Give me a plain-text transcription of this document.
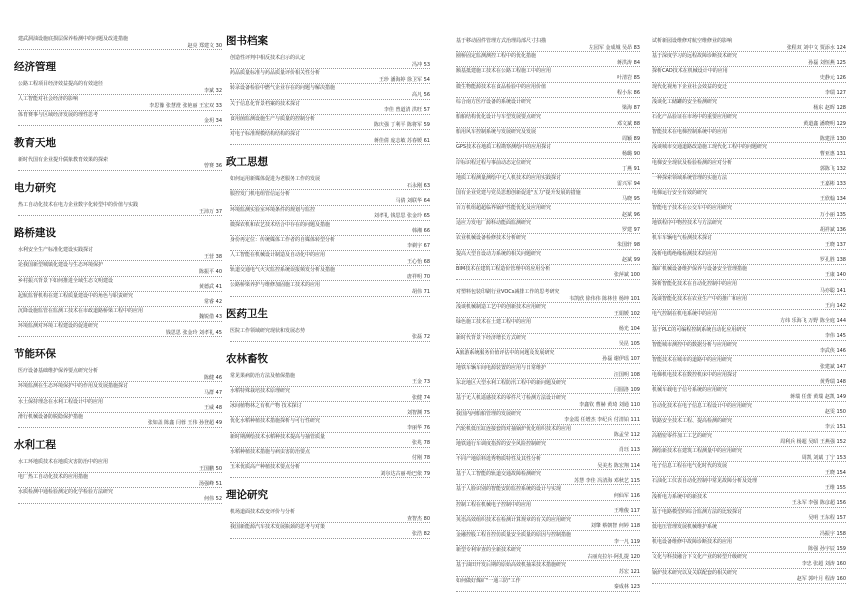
建武洞油设施底损层保养检测中的问题及改进措施
赵亮 郑建文 30
经济管理
公路工程项目经济效益提高的有效途径
李斌 32
人工智能对社会经济的影响
李思豫 张慧澄 张艳丽 王宏双 33
体育赛事与区域经济发展的理性思考
金玥 34
教育天地
新时代国有企业提升儒象教育效果的探索
曾赛 36
电力研究
热工自动化技术在电力企业数字化转型中的价值与实践
王沛万 37
路桥建设
水利安全生产标准化建设实践探讨
王营 38
论我国新型城镇化建设与生态环境保护
陈振平 40
乡村振兴背景下如何推进全域生态文明建设
黄德武 41
起航监督机构在建工程质量建设中的角色与职责研究
常睿 42
沉降设施监管在监测工技术在市政道路桥梁工程中的应用
魏锐借 43
环境监测对环境工程建设的促进研究
钱思思 张金玲 刘孝礼 45
节能环保
医疗设备基础维护保养要点研究分析
陈健 46
环境监测在生态环境保护中的作用及发展措施探讨
马群 47
水土保持理念在水利工程设计中的应用
王威 48
滑行机械设备防脱隐保护措施
张如盖 陈鑫 闫蓉 王伟 孙登超 49
水利工程
水工环地质技术在地质灾害防治中的应用
王国鹏 50
电厂热工自动化技术的应用措施
汤强峰 51
水质检测中通检验测定的化学检验方法研究
何伟 52
图书档案
创造性评判中相反技术启示的认定
冯冲 53
药品质量标准与药品质量评价相关性分析
王珍 潘海婷 徐卫军 54
转录设备检验中燃气企业存在的问题与解决措施
高凡 56
关于信息化背景档案的技术探讨
李佳 曾道清 洪旺 57
食用菌监测设施生产与质量的控制分析
陈庆强 丁利平 陈将军 59
对电子标准规模结构结构的探讨
蒋佳倩 庞志敏 苏春媛 61
政工思想
如何运用新媒体促进为老服务工作的发展
石永刚 63
服控发门机电组管信运分析
马倩 刘联华 64
环境监测实验室环境条件的规划与监控
刘孝礼 钱思思 张金玲 65
微探农机和农艺技术结合中存在的问题及措施
韩湘 66
身份再定位：传统媒体工作者的自媒体转型分析
李剃宇 67
人工智能在机械设计制造及自动化中的应用
王心怡 68
轨道交通电气火灾监控系统误报频发分析及措施
唐祥明 70
公路桥梁养护与维修加固施工技术的应用
胡伟 71
医药卫生
医院工作领域研究现状和发展态势
张磊 72
农林畜牧
常见果病防治方法及植保措施
王金 73
水稻特殊栽培技术原理研究
张健 74
冰间植物林之有机产物 技术探讨
刘智渊 75
优化水稻种植技术措施探析与可行性研究
李丽华 76
新时期测绘技术水稻种技术提高与抽管质量
张兆 78
水稻种植技术措施与病虫害防治要点
付刚 78
玉米优质高产种植技术要点分析
刘尔达古丽·哈巴依 79
理论研究
机场道面技术改变评价与分析
查智杰 80
我国新能源汽车技术发展瓶颈的思考与对策
张浩 82
基于移动固件管理方式治理局部尺寸扫描
左园军 金成城 吴昂 83
圈桥固定监测测控工程中的优化措施
蒋洪涛 84
额基抵建施工技术在公路工程施工中的应用
叶清岩 85
微生物能源技术在食品检验中的应用价值
程小东 86
综合南方医疗设备的系统设计研究
梁海 87
船舶结构优化设计与车型发展要点研究
邓文斌 88
船用风车控制系统与发展研究及发展
周颖 89
GPS技术在地质工程勘察测绘中的应用探讨
杨璐 90
岸标识程过程与事前动态定位研究
丁燕 91
地质工程测量测绘中无人机技术的应用实践探讨
雷兴军 94
国有企业党建与党员思想创新促进"五力"提升发展的措施
马晓 95
百万机组超超临界锅炉性能优化及应用研究
赵斌 96
适应力发电厂源科动能面监测研究
罗建 97
农业机械设备检修技术分析研究
朱国轩 98
提高大型自设动力系统的相关问题研究
赵斌 99
BIM技术在建筑工程造价管理中的应用分析
张萍斌 100
对塑料包装印刷行业VOCs减排工作的思考研究
韦凯欣 徐伟伟 陈林佳 杨坤 101
浅谈机械制造工艺中的创新技术应用研究
王娟媛 102
绿色施工技术在土建工程中的应用
杨光 104
新时代背景下经济增长方式研究
吴昆 105
A旅游系统服务价值评估中的问题及发展研究
孙磊 谢伊瑶 107
地铁车辆车间电源装置的应用与日常维护
汪国明 108
东北地区大型水利工程防汛工程中的新问题及研究
闫圆洛 109
基于无人机遥感技术的零件尺寸检测方法设计研究
李鑫钦 曹赫 黄琦 刘通 110
我国内河船舶管理的发展研究
李金霞 任增杰 李纪兵 付清铂 111
汽轮机低压缸连接套筒对抽锅炉优化组织技术的应用
陈孟莹 112
地铁通行车调度指挥的安全风险控制研究
肖珏 113
不同产地原料选秀物质特性及其性分析
吴美杰 陈宏翔 114
基于人工智能的轨道交通故障检测研究
苏慧 李佳 冯清海 邓秋艺 115
基于人脸识别的智能安防监控系统的设计与实现
何仙军 116
控制工程在机械电子控制中的应用
王唯俊 117
英语高效组织技术在检测计算规章的有关的应用研究
刘肇 蔡朝智 何婷 118
金融控股工程自控仿质量安全质量的原因与控制措施
李一凡 119
新型专利审查的全新技术研究
古丽克拉尔·阿扎提 120
基于油田开发后期的原始高效机抽采技术措施研究
苏宏 121
如何做好煤矿"一通三防"工作
秦成林 123
试析新园设维修对航空维修业的影响
张程双 刘中文 贾添水 124
基于深度学习的远程故障诊断技术研究
孙磊 刘恒燕 125
探析CAD技术在机械设计中的应用
史静元 126
现代化视角下企业社会效益的变迁
李瑞 127
浅谈化工储罐的安全检测研究
杨东 赵晖 128
石化产品验证在市场中的重要应用研究
黄道鑫 潘晓明 129
智能技术在电梯控制系统中的应用
陈建泽 130
浅谈城市交通道路改造施工现代化工程中的问题研究
曹亚惠 131
电梯安全现状及检验检测的应对分析
郭陈飞 132
一种探索领域系统管理的实施方法
王嘉彬 133
电梯运行安全有效的研究
王欣翰 134
智能电子技术在公交车中的应用研究
万小丽 135
地铁程序中物控技术与方法研究
胡祥斌 136
机车车辆电气检测技术探讨
王晓 137
浅析电缆绝缘检测技术的应用
罗孔胜 138
煤矿机械设备维护保养与设备安全管理措施
王康 140
探析智能化技术在自动化控制中的应用
马亦聪 141
浅谈智能化技术在农业生产中的推广和应用
王向 142
电气控制在机电系统中的应用
方纬 乐海飞 万野 陈全庭 144
基于PLC的可编程控制系统自动化应用研究
李伟 145
智能城市测控中的数据分析与应用研究
李武侠 146
智能技术在城市的道路中的应用研究
张建斌 147
电梯机电技术在数控机床中的应用探讨
黄秀瑞 148
机械车载电子信号系统的应用研究
蒋瑞 任蕾 黄瑞 赵凯 149
自动化技术在电子信息工程设计中的应用研究
赵雯 150
铁路安全技术工程、提高检测的研究
李云 151
高精密零件加工工艺的研究
周利兵 杨超 吴昭 王燕强 152
测绘新技术在建筑工程测量中的应用研究
周凯 刘斌 丁宁 153
电子信息工程在电气化时代的发展
王晓 154
石油化工仪表自动化控制中常见故障分析及处理
王维 155
浅析电力系统中的新技术
王永军 李强 陈彦超 156
基于电路模型的综合监测方法的比较探讨
吴明 王东程 157
低电压管理发展机械维护系统
冯振宇 158
机电设备维修中故障诊断技术的应用
陈强 孙宇辰 159
文化与科技融合下文化产业的转型升级研究
李忠 张超 刘涛 160
锅炉技术研究以及关联配套的相关研究
赵军 郭叶月 程涛 160
